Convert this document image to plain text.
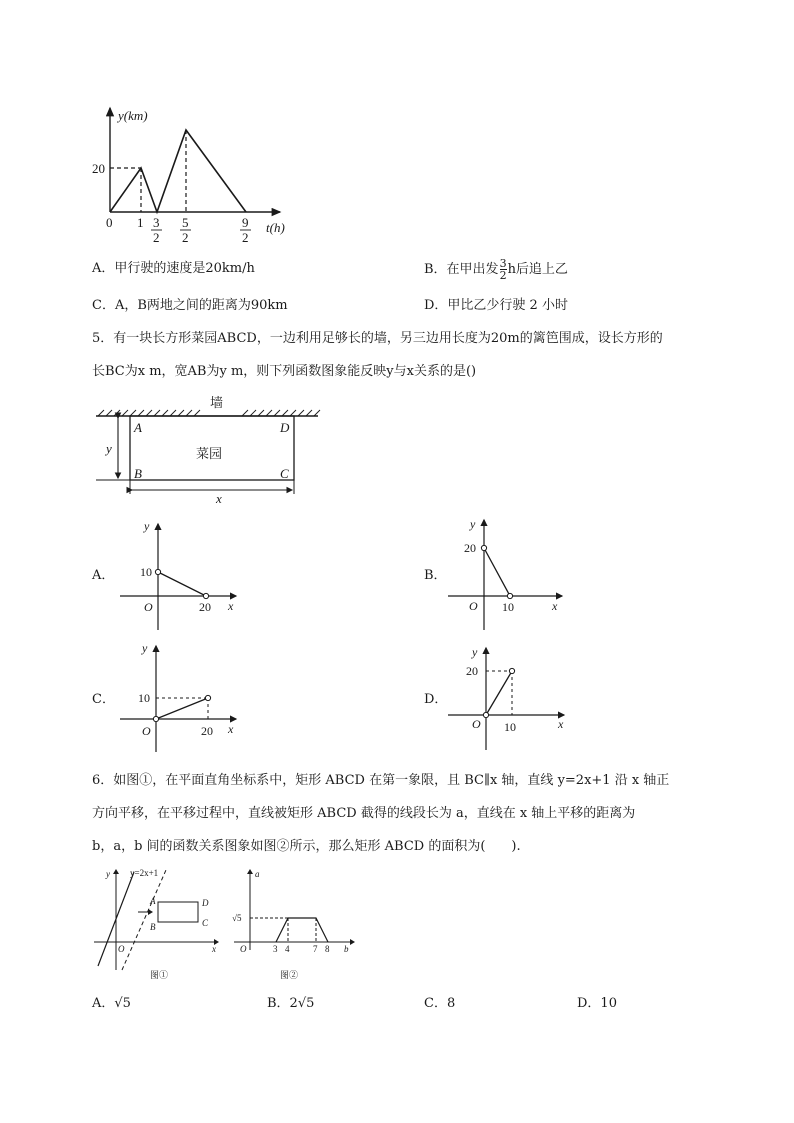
y(km)
20
0 1 3
2
5
2
9
2
t(h)
A．甲行驶的速度是20km/h	B．在甲出发 $\frac{3}{2}$ h后追上乙
C．A，B两地之间的距离为90km	D．甲比乙少行驶 2 小时
5．有一块长方形菜园ABCD，一边利用足够长的墙，另三边用长度为20m的篱笆围成，设长方形的
长BC为x m，宽AB为y m，则下列函数图象能反映y与x关系的是()
墙
A	D
B	C
y
x
菜园
A．
y
10
O	20 x
B．
y
20
O 10	x
C．
y
10
O	20 x
D．
y
20
O 10	x
6．如图①，在平面直角坐标系中，矩形 ABCD 在第一象限，且 BC∥x 轴，直线 y=2x+1 沿 x 轴正
方向平移，在平移过程中，直线被矩形 ABCD 截得的线段长为 a，直线在 x 轴上平移的距离为
b，a，b 间的函数关系图象如图②所示，那么矩形 ABCD 的面积为(　　).
y y=2x+1
A	D
B	C
O	x
图①
a
√5
O	3 4	7 8 b
图②
A．√5	B．2√5	C．8	D．10
